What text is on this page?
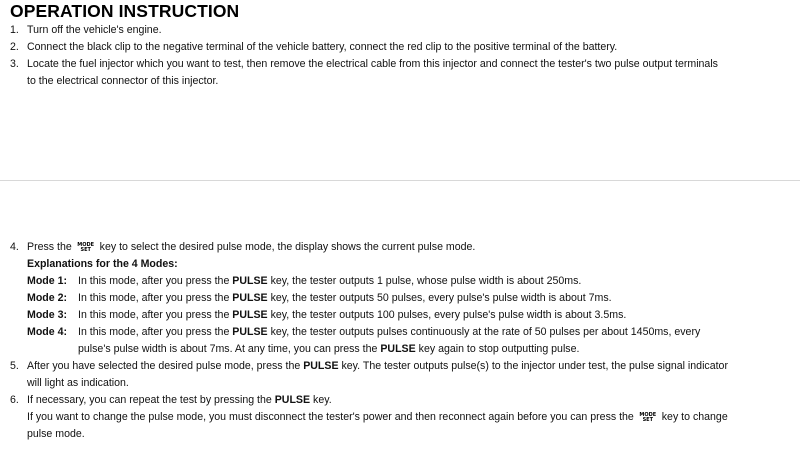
OPERATION INSTRUCTION
1. Turn off the vehicle's engine.
2. Connect the black clip to the negative terminal of the vehicle battery, connect the red clip to the positive terminal of the battery.
3. Locate the fuel injector which you want to test, then remove the electrical cable from this injector and connect the tester's two pulse output terminals
to the electrical connector of this injector.
4. Press the	MODE
SET key to select the desired pulse mode, the display shows the current pulse mode.
Explanations for the 4 Modes:
Mode 1: In this mode, after you press the PULSE key, the tester outputs 1 pulse, whose pulse width is about 250ms.
Mode 2: In this mode, after you press the PULSE key, the tester outputs 50 pulses, every pulse's pulse width is about 7ms.
Mode 3: In this mode, after you press the PULSE key, the tester outputs 100 pulses, every pulse's pulse width is about 3.5ms.
Mode 4: In this mode, after you press the PULSE key, the tester outputs pulses continuously at the rate of 50 pulses per about 1450ms, every
pulse's pulse width is about 7ms. At any time, you can press the PULSE key again to stop outputting pulse.
5. After you have selected the desired pulse mode, press the PULSE key. The tester outputs pulse(s) to the injector under test, the pulse signal indicator
will light as indication.
6. If necessary, you can repeat the test by pressing the PULSE key.
If you want to change the pulse mode, you must disconnect the tester's power and then reconnect again before you can press the	MODE
SET key to change
pulse mode.
